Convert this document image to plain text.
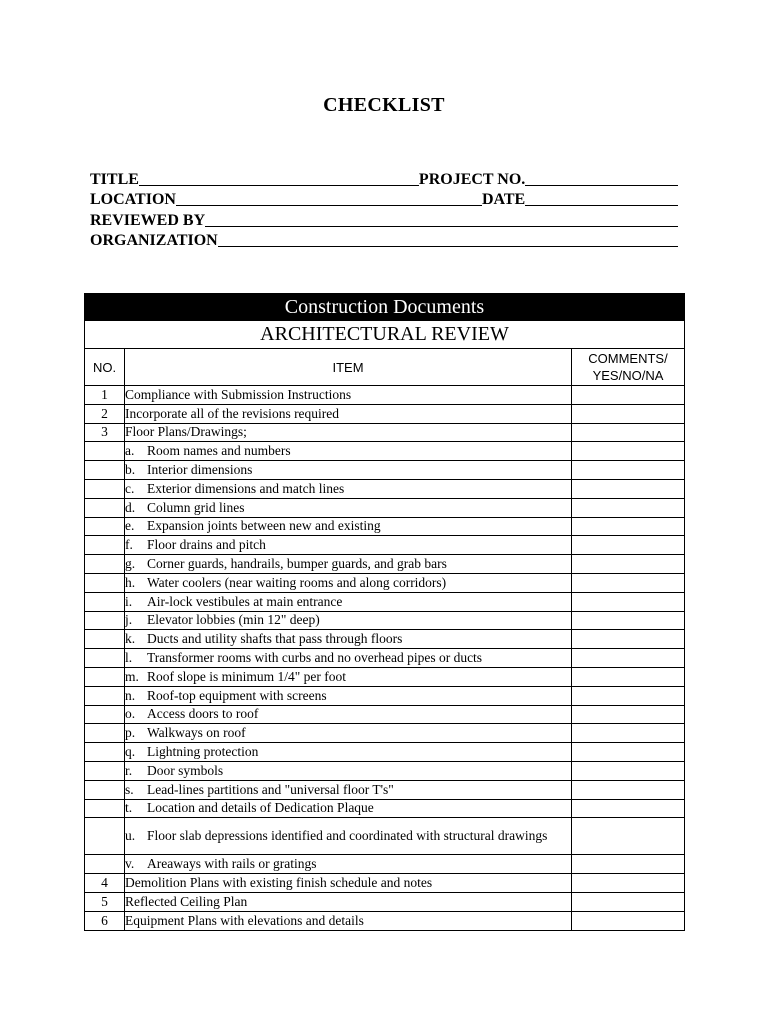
CHECKLIST
TITLE	PROJECT NO.
LOCATION	DATE
REVIEWED BY
ORGANIZATION
Construction Documents		
ARCHITECTURAL REVIEW		
NO.	ITEM	COMMENTS/
YES/NO/NA

1	Compliance with Submission Instructions	
2	Incorporate all of the revisions required	
3	Floor Plans/Drawings;	

	a. Room names and numbers	

	b. Interior dimensions	

	c. Exterior dimensions and match lines	

	d. Column grid lines	

	e. Expansion joints between new and existing	

	f. Floor drains and pitch	

	g. Corner guards, handrails, bumper guards, and grab bars	

	h. Water coolers (near waiting rooms and along corridors)	

	i. Air-lock vestibules at main entrance	

	j. Elevator lobbies (min 12" deep)	

	k. Ducts and utility shafts that pass through floors	

	l. Transformer rooms with curbs and no overhead pipes or ducts	

	m. Roof slope is minimum 1/4" per foot	

	n. Roof-top equipment with screens	

	o. Access doors to roof	

	p. Walkways on roof	

	q. Lightning protection	

	r. Door symbols	

	s. Lead-lines partitions and "universal floor T's"	

	t. Location and details of Dedication Plaque	

	u. Floor slab depressions identified and coordinated with structural drawings	

	v. Areaways with rails or gratings	

4	Demolition Plans with existing finish schedule and notes	
5	Reflected Ceiling Plan	
6	Equipment Plans with elevations and details	
